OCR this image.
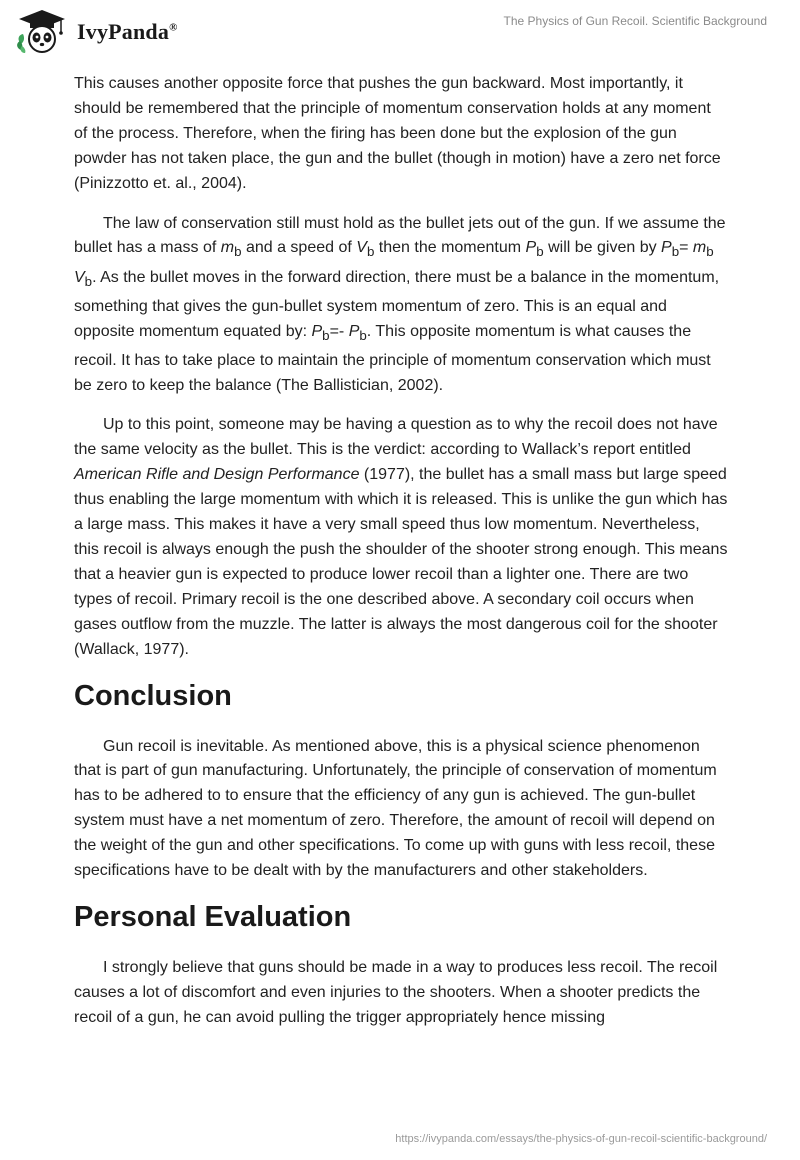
IvyPanda®	The Physics of Gun Recoil. Scientific Background

This causes another opposite force that pushes the gun backward. Most importantly, it should be remembered that the principle of momentum conservation holds at any moment of the process. Therefore, when the firing has been done but the explosion of the gun powder has not taken place, the gun and the bullet (though in motion) have a zero net force (Pinizzotto et. al., 2004).

The law of conservation still must hold as the bullet jets out of the gun. If we assume the bullet has a mass of $m_b$ and a speed of $V_b$ then the momentum $P_b$ will be given by $P_b= m_b$ $V_b$. As the bullet moves in the forward direction, there must be a balance in the momentum, something that gives the gun-bullet system momentum of zero. This is an equal and opposite momentum equated by: $P_b=-$ $P_b$. This opposite momentum is what causes the recoil. It has to take place to maintain the principle of momentum conservation which must be zero to keep the balance (The Ballistician, 2002).

Up to this point, someone may be having a question as to why the recoil does not have the same velocity as the bullet. This is the verdict: according to Wallack’s report entitled American Rifle and Design Performance (1977), the bullet has a small mass but large speed thus enabling the large momentum with which it is released. This is unlike the gun which has a large mass. This makes it have a very small speed thus low momentum. Nevertheless, this recoil is always enough the push the shoulder of the shooter strong enough. This means that a heavier gun is expected to produce lower recoil than a lighter one. There are two types of recoil. Primary recoil is the one described above. A secondary coil occurs when gases outflow from the muzzle. The latter is always the most dangerous coil for the shooter (Wallack, 1977).

Conclusion

Gun recoil is inevitable. As mentioned above, this is a physical science phenomenon that is part of gun manufacturing. Unfortunately, the principle of conservation of momentum has to be adhered to to ensure that the efficiency of any gun is achieved. The gun-bullet system must have a net momentum of zero. Therefore, the amount of recoil will depend on the weight of the gun and other specifications. To come up with guns with less recoil, these specifications have to be dealt with by the manufacturers and other stakeholders.

Personal Evaluation

I strongly believe that guns should be made in a way to produces less recoil. The recoil causes a lot of discomfort and even injuries to the shooters. When a shooter predicts the recoil of a gun, he can avoid pulling the trigger appropriately hence missing

https://ivypanda.com/essays/the-physics-of-gun-recoil-scientific-background/
